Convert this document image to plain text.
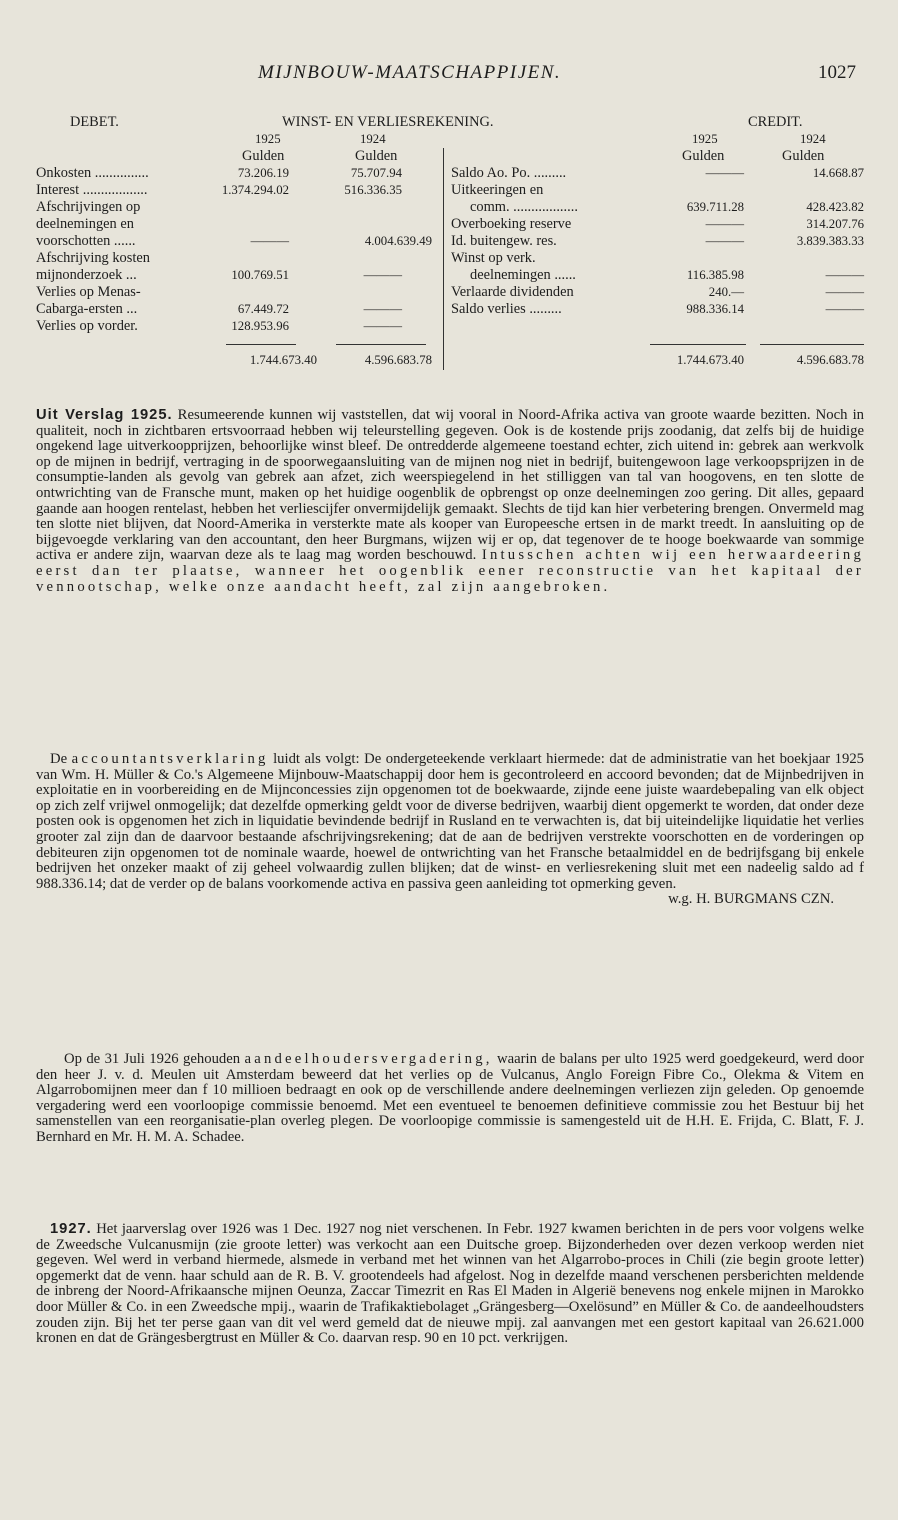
MIJNBOUW-MAATSCHAPPIJEN.	1027
DEBET.	WINST- EN VERLIESREKENING.	CREDIT.
1925	1924
Gulden	Gulden
1925	1924
Gulden	Gulden
Onkosten ...............	73.206.19	75.707.94
Interest ..................	1.374.294.02	516.336.35
Afschrijvingen op
deelnemingen en
voorschotten ......	———	4.004.639.49
Afschrijving kosten
mijnonderzoek ...	100.769.51	———
Verlies op Menas-
Cabarga-ersten ...	67.449.72	———
Verlies op vorder.	128.953.96	———
1.744.673.40	4.596.683.78
Saldo Ao. Po. .........	———	14.668.87
Uitkeeringen en
comm. ..................	639.711.28	428.423.82
Overboeking reserve	———	314.207.76
Id. buitengew. res.	———	3.839.383.33
Winst op verk.
deelnemingen ......	116.385.98	———
Verlaarde dividenden	240.—	———
Saldo verlies .........	988.336.14	———
1.744.673.40	4.596.683.78

Uit Verslag 1925. Resumeerende kunnen wij vaststellen, dat wij vooral in Noord-Afrika activa van groote waarde bezitten. Noch in qualiteit, noch in zichtbaren ertsvoorraad hebben wij teleurstelling gegeven. Ook is de kostende prijs zoodanig, dat zelfs bij de huidige ongekend lage uitverkoopprijzen, behoorlijke winst bleef. De ontredderde algemeene toestand echter, zich uitend in: gebrek aan werkvolk op de mijnen in bedrijf, vertraging in de spoorwegaansluiting van de mijnen nog niet in bedrijf, buitengewoon lage verkoopsprijzen in de consumptie-landen als gevolg van gebrek aan afzet, zich weerspiegelend in het stilliggen van tal van hoogovens, en ten slotte de ontwrichting van de Fransche munt, maken op het huidige oogenblik de opbrengst op onze deelnemingen zoo gering. Dit alles, gepaard gaande aan hoogen rentelast, hebben het verliescijfer onvermijdelijk gemaakt. Slechts de tijd kan hier verbetering brengen. Onvermeld mag ten slotte niet blijven, dat Noord-Amerika in versterkte mate als kooper van Europeesche ertsen in de markt treedt. In aansluiting op de bijgevoegde verklaring van den accountant, den heer Burgmans, wijzen wij er op, dat tegenover de te hooge boekwaarde van sommige activa er andere zijn, waarvan deze als te laag mag worden beschouwd. Intusschen achten wij een herwaardeering eerst dan ter plaatse, wanneer het oogenblik eener reconstructie van het kapitaal der vennootschap, welke onze aandacht heeft, zal zijn aangebroken.

De accountantsverklaring luidt als volgt: De ondergeteekende verklaart hiermede: dat de administratie van het boekjaar 1925 van Wm. H. Müller & Co.'s Algemeene Mijnbouw-Maatschappij door hem is gecontroleerd en accoord bevonden; dat de Mijnbedrijven in exploitatie en in voorbereiding en de Mijnconcessies zijn opgenomen tot de boekwaarde, zijnde eene juiste waardebepaling van elk object op zich zelf vrijwel onmogelijk; dat dezelfde opmerking geldt voor de diverse bedrijven, waarbij dient opgemerkt te worden, dat onder deze posten ook is opgenomen het zich in liquidatie bevindende bedrijf in Rusland en te verwachten is, dat bij uiteindelijke liquidatie het verlies grooter zal zijn dan de daarvoor bestaande afschrijvingsrekening; dat de aan de bedrijven verstrekte voorschotten en de vorderingen op debiteuren zijn opgenomen tot de nominale waarde, hoewel de ontwrichting van het Fransche betaalmiddel en de bedrijfsgang bij enkele bedrijven het onzeker maakt of zij geheel volwaardig zullen blijken; dat de winst- en verliesrekening sluit met een nadeelig saldo ad f 988.336.14; dat de verder op de balans voorkomende activa en passiva geen aanleiding tot opmerking geven.
w.g. H. BURGMANS CZN.

Op de 31 Juli 1926 gehouden aandeelhoudersvergadering, waarin de balans per ulto 1925 werd goedgekeurd, werd door den heer J. v. d. Meulen uit Amsterdam beweerd dat het verlies op de Vulcanus, Anglo Foreign Fibre Co., Olekma & Vitem en Algarrobomijnen meer dan f 10 millioen bedraagt en ook op de verschillende andere deelnemingen verliezen zijn geleden. Op genoemde vergadering werd een voorloopige commissie benoemd. Met een eventueel te benoemen definitieve commissie zou het Bestuur bij het samenstellen van een reorganisatie-plan overleg plegen. De voorloopige commissie is samengesteld uit de H.H. E. Frijda, C. Blatt, F. J. Bernhard en Mr. H. M. A. Schadee.

1927. Het jaarverslag over 1926 was 1 Dec. 1927 nog niet verschenen. In Febr. 1927 kwamen berichten in de pers voor volgens welke de Zweedsche Vulcanusmijn (zie groote letter) was verkocht aan een Duitsche groep. Bijzonderheden over dezen verkoop werden niet gegeven. Wel werd in verband hiermede, alsmede in verband met het winnen van het Algarrobo-proces in Chili (zie begin groote letter) opgemerkt dat de venn. haar schuld aan de R. B. V. grootendeels had afgelost. Nog in dezelfde maand verschenen persberichten meldende de inbreng der Noord-Afrikaansche mijnen Oeunza, Zaccar Timezrit en Ras El Maden in Algerië benevens nog enkele mijnen in Marokko door Müller & Co. in een Zweedsche mpij., waarin de Trafikaktiebolaget „Grängesberg—Oxelösund” en Müller & Co. de aandeelhoudsters zouden zijn. Bij het ter perse gaan van dit vel werd gemeld dat de nieuwe mpij. zal aanvangen met een gestort kapitaal van 26.621.000 kronen en dat de Grängesbergtrust en Müller & Co. daarvan resp. 90 en 10 pct. verkrijgen.
